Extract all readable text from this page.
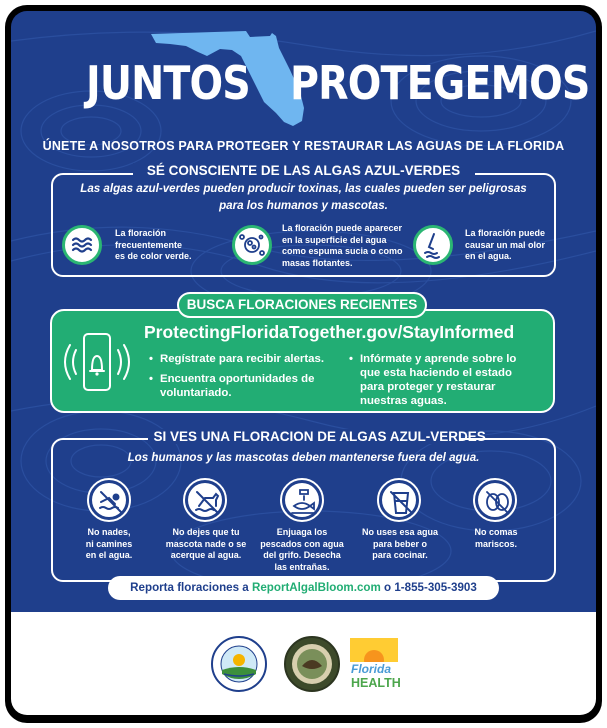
JUNTOS PROTEGEMOS
ÚNETE A NOSOTROS PARA PROTEGER Y RESTAURAR LAS AGUAS DE LA FLORIDA
SÉ CONSCIENTE DE LAS ALGAS AZUL-VERDES
Las algas azul-verdes pueden producir toxinas, las cuales pueden ser peligrosas
para los humanos y mascotas.
La floración
frecuentemente
es de color verde.
La floración puede aparecer
en la superficie del agua
como espuma sucia o como
masas flotantes.
La floración puede
causar un mal olor
en el agua.
BUSCA FLORACIONES RECIENTES
ProtectingFloridaTogether.gov/StayInformed
• Regístrate para recibir alertas.
• Encuentra oportunidades de
voluntariado.
• Infórmate y aprende sobre lo
que esta haciendo el estado
para proteger y restaurar
nuestras aguas.
SI VES UNA FLORACION DE ALGAS AZUL-VERDES
Los humanos y las mascotas deben mantenerse fuera del agua.
No nades,
ni camines
en el agua.
No dejes que tu
mascota nade o se
acerque al agua.
Enjuaga los
pescados con agua
del grifo. Desecha
las entrañas.
No uses esa agua
para beber o
para cocinar.
No comas
mariscos.
Reporta floraciones a ReportAlgalBloom.com o 1-855-305-3903
Florida
HEALTH
